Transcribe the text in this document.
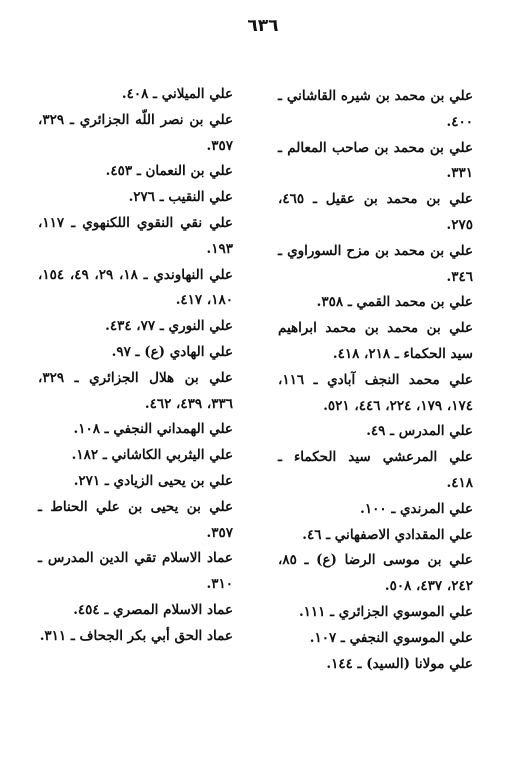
٦٣٦
علي بن محمد بن شيره القاشاني ـ ٤٠٠.
علي بن محمد بن صاحب المعالم ـ ٣٣١.
علي بن محمد بن عقيل ـ ٤٦٥، ٢٧٥.
علي بن محمد بن مزح السوراوي ـ ٣٤٦.
علي بن محمد القمي ـ ٣٥٨.
علي بن محمد بن محمد ابراهيم سيد الحكماء ـ ٢١٨، ٤١٨.
علي محمد النجف آبادي ـ ١١٦، ١٧٤، ١٧٩، ٢٢٤، ٤٤٦، ٥٢١.
علي المدرس ـ ٤٩.
علي المرعشي سيد الحكماء ـ ٤١٨.
علي المرندي ـ ١٠٠.
علي المقدادي الاصفهاني ـ ٤٦.
علي بن موسى الرضا (ع) ـ ٨٥، ٢٤٢، ٤٣٧، ٥٠٨.
علي الموسوي الجزائري ـ ١١١.
علي الموسوي النجفي ـ ١٠٧.
علي مولانا (السيد) ـ ١٤٤.
علي الميلاني ـ ٤٠٨.
علي بن نصر اللّه الجزائري ـ ٣٢٩، ٣٥٧.
علي بن النعمان ـ ٤٥٣.
علي النقيب ـ ٢٧٦.
علي نقي النقوي اللكنهوي ـ ١١٧، ١٩٣.
علي النهاوندي ـ ١٨، ٢٩، ٤٩، ١٥٤، ١٨٠، ٤١٧.
علي النوري ـ ٧٧، ٤٣٤.
علي الهادي (ع) ـ ٩٧.
علي بن هلال الجزائري ـ ٣٢٩، ٣٣٦، ٤٣٩، ٤٦٢.
علي الهمداني النجفي ـ ١٠٨.
علي اليثربي الكاشاني ـ ١٨٢.
علي بن يحيى الزيادي ـ ٢٧١.
علي بن يحيى بن علي الحناط ـ ٣٥٧.
عماد الاسلام تقي الدين المدرس ـ ٣١٠.
عماد الاسلام المصري ـ ٤٥٤.
عماد الحق أبي بكر الجحاف ـ ٣١١.
